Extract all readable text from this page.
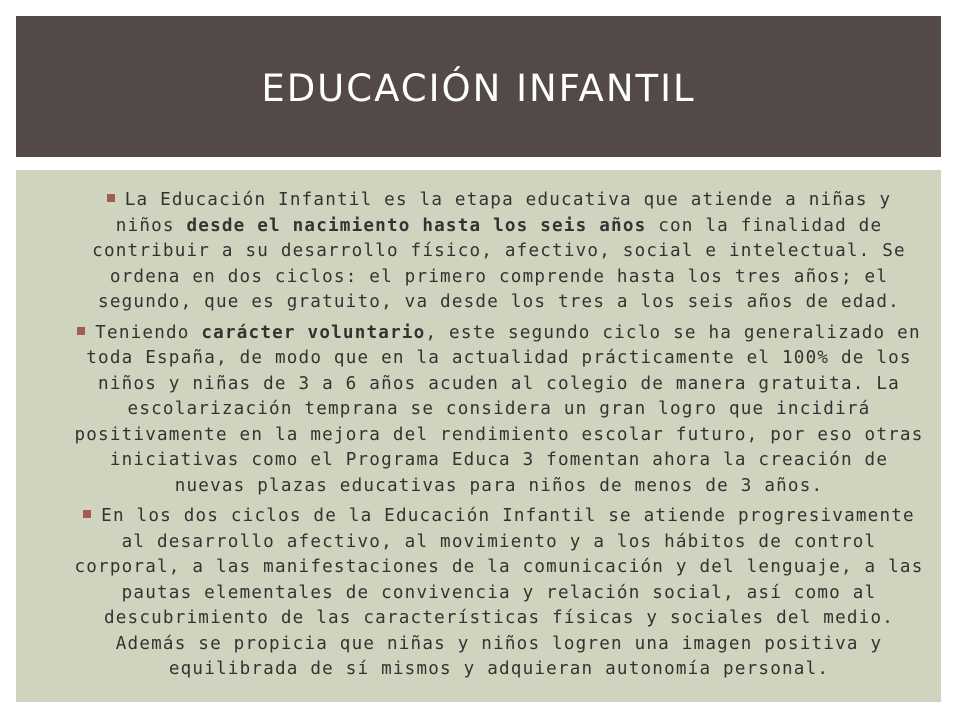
EDUCACIÓN INFANTIL
La Educación Infantil es la etapa educativa que atiende a niñas y niños desde el nacimiento hasta los seis años con la finalidad de contribuir a su desarrollo físico, afectivo, social e intelectual. Se ordena en dos ciclos: el primero comprende hasta los tres años; el segundo, que es gratuito, va desde los tres a los seis años de edad.
Teniendo carácter voluntario, este segundo ciclo se ha generalizado en toda España, de modo que en la actualidad prácticamente el 100% de los niños y niñas de 3 a 6 años acuden al colegio de manera gratuita. La escolarización temprana se considera un gran logro que incidirá positivamente en la mejora del rendimiento escolar futuro, por eso otras iniciativas como el Programa Educa 3 fomentan ahora la creación de nuevas plazas educativas para niños de menos de 3 años.
En los dos ciclos de la Educación Infantil se atiende progresivamente al desarrollo afectivo, al movimiento y a los hábitos de control corporal, a las manifestaciones de la comunicación y del lenguaje, a las pautas elementales de convivencia y relación social, así como al descubrimiento de las características físicas y sociales del medio. Además se propicia que niñas y niños logren una imagen positiva y equilibrada de sí mismos y adquieran autonomía personal.
